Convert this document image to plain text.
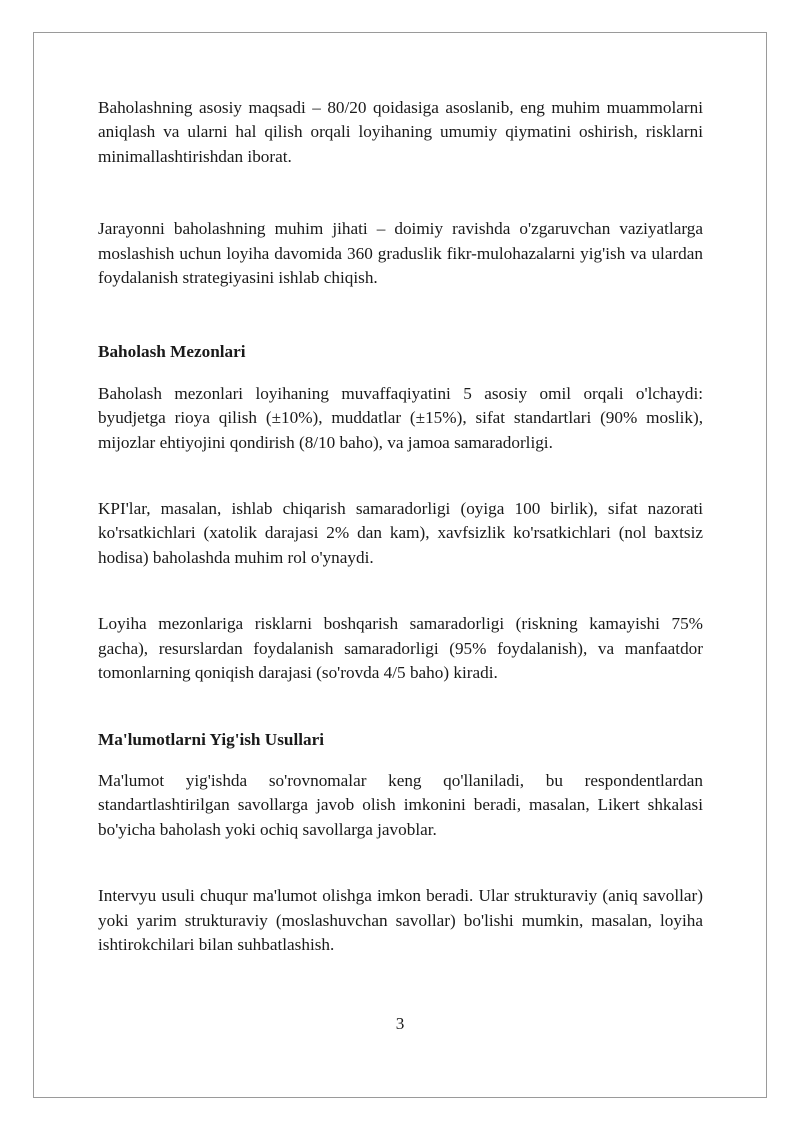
Baholashning asosiy maqsadi – 80/20 qoidasiga asoslanib, eng muhim muammolarni aniqlash va ularni hal qilish orqali loyihaning umumiy qiymatini oshirish, risklarni minimallashtirishdan iborat.

Jarayonni baholashning muhim jihati – doimiy ravishda o'zgaruvchan vaziyatlarga moslashish uchun loyiha davomida 360 graduslik fikr-mulohazalarni yig'ish va ulardan foydalanish strategiyasini ishlab chiqish.

Baholash Mezonlari

Baholash mezonlari loyihaning muvaffaqiyatini 5 asosiy omil orqali o'lchaydi: byudjetga rioya qilish (±10%), muddatlar (±15%), sifat standartlari (90% moslik), mijozlar ehtiyojini qondirish (8/10 baho), va jamoa samaradorligi.

KPI'lar, masalan, ishlab chiqarish samaradorligi (oyiga 100 birlik), sifat nazorati ko'rsatkichlari (xatolik darajasi 2% dan kam), xavfsizlik ko'rsatkichlari (nol baxtsiz hodisa) baholashda muhim rol o'ynaydi.

Loyiha mezonlariga risklarni boshqarish samaradorligi (riskning kamayishi 75% gacha), resurslardan foydalanish samaradorligi (95% foydalanish), va manfaatdor tomonlarning qoniqish darajasi (so'rovda 4/5 baho) kiradi.

Ma'lumotlarni Yig'ish Usullari

Ma'lumot yig'ishda so'rovnomalar keng qo'llaniladi, bu respondentlardan standartlashtirilgan savollarga javob olish imkonini beradi, masalan, Likert shkalasi bo'yicha baholash yoki ochiq savollarga javoblar.

Intervyu usuli chuqur ma'lumot olishga imkon beradi. Ular strukturaviy (aniq savollar) yoki yarim strukturaviy (moslashuvchan savollar) bo'lishi mumkin, masalan, loyiha ishtirokchilari bilan suhbatlashish.

3
